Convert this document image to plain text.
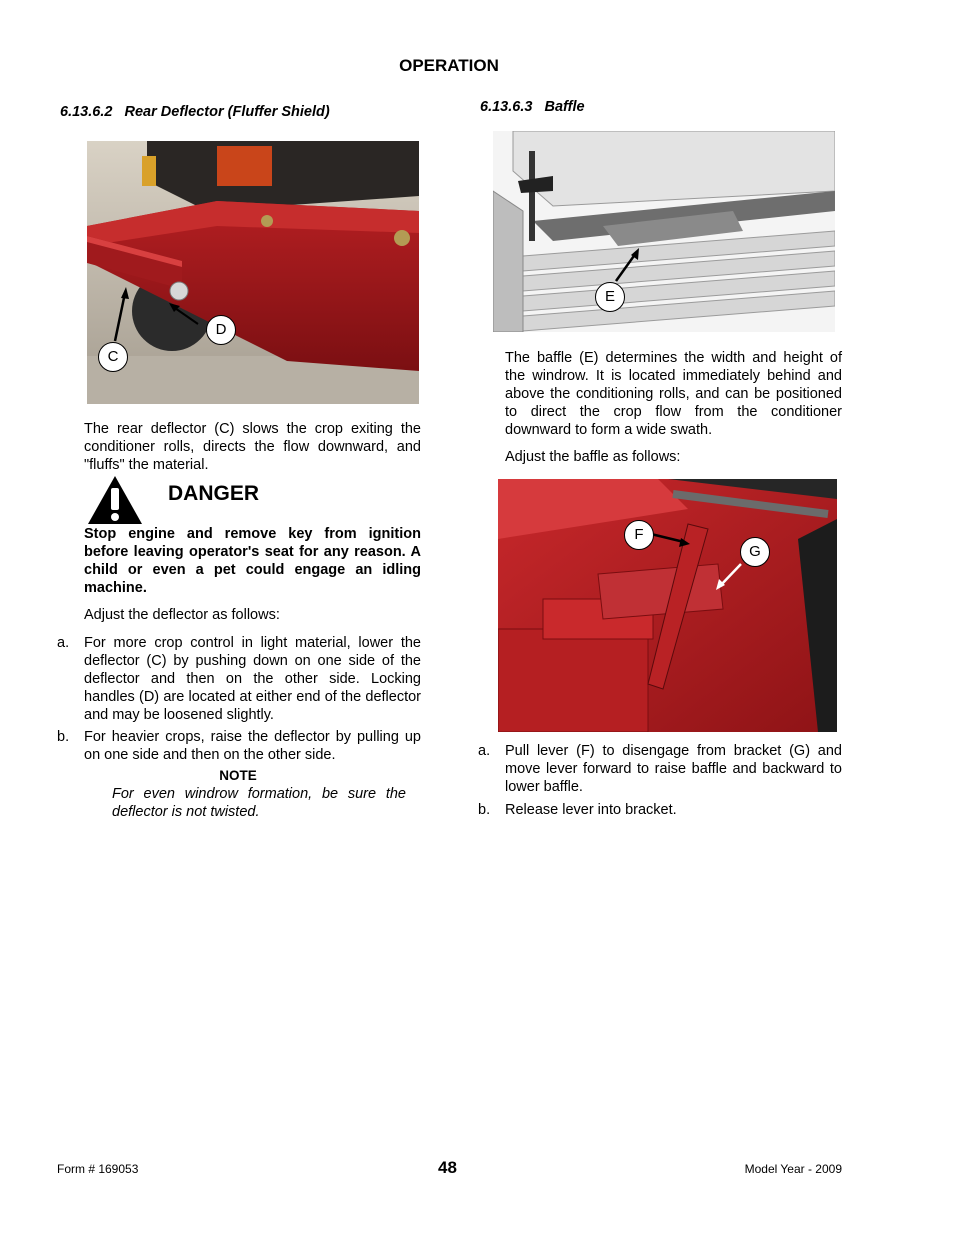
OPERATION
6.13.6.2 Rear Deflector (Fluffer Shield)
D
C
The rear deflector (C) slows the crop exiting the conditioner rolls, directs the flow downward, and "fluffs" the material.
DANGER
Stop engine and remove key from ignition before leaving operator's seat for any reason. A child or even a pet could engage an idling machine.
Adjust the deflector as follows:
a. For more crop control in light material, lower the deflector (C) by pushing down on one side of the deflector and then on the other side. Locking handles (D) are located at either end of the deflector and may be loosened slightly.
b. For heavier crops, raise the deflector by pulling up on one side and then on the other side.
NOTE
For even windrow formation, be sure the deflector is not twisted.
6.13.6.3 Baffle
E
The baffle (E) determines the width and height of the windrow. It is located immediately behind and above the conditioning rolls, and can be positioned to direct the crop flow from the conditioner downward to form a wide swath.
Adjust the baffle as follows:
F
G
a. Pull lever (F) to disengage from bracket (G) and move lever forward to raise baffle and backward to lower baffle.
b. Release lever into bracket.
Form # 169053	48	Model Year - 2009
